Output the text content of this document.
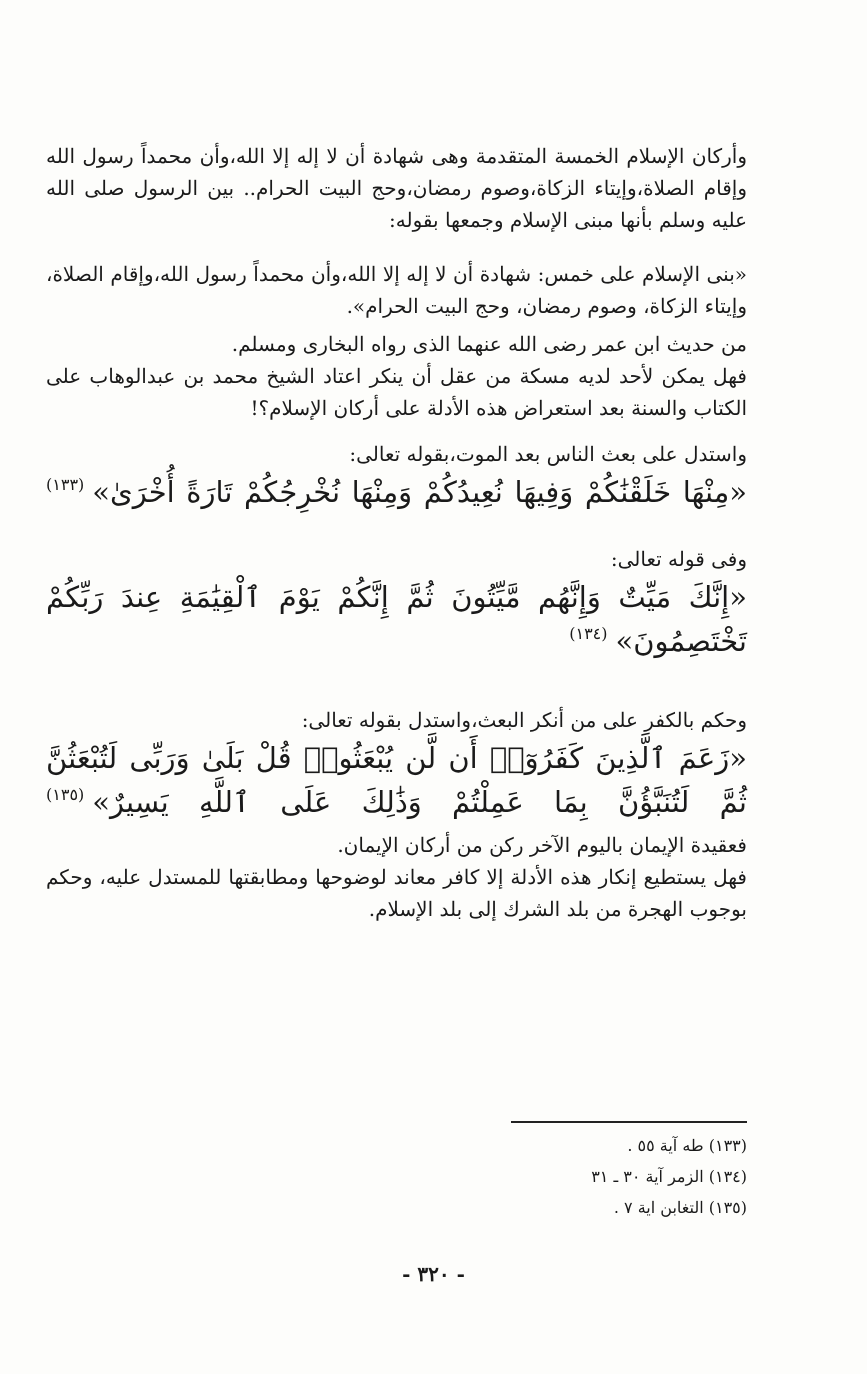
وأركان الإسلام الخمسة المتقدمة وهى شهادة أن لا إله إلا الله،وأن محمداً رسول الله وإقام الصلاة،وإيتاء الزكاة،وصوم رمضان،وحج البيت الحرام.. بين الرسول صلى الله عليه وسلم بأنها مبنى الإسلام وجمعها بقوله:

«بنى الإسلام على خمس: شهادة أن لا إله إلا الله،وأن محمداً رسول الله،وإقام الصلاة، وإيتاء الزكاة، وصوم رمضان، وحج البيت الحرام».

من حديث ابن عمر رضى الله عنهما الذى رواه البخارى ومسلم.

فهل يمكن لأحد لديه مسكة من عقل أن ينكر اعتاد الشيخ محمد بن عبدالوهاب على الكتاب والسنة بعد استعراض هذه الأدلة على أركان الإسلام؟!

واستدل على بعث الناس بعد الموت،بقوله تعالى:

«مِنْهَا خَلَقْنَٰكُمْ وَفِيهَا نُعِيدُكُمْ وَمِنْهَا نُخْرِجُكُمْ تَارَةً أُخْرَىٰ»$^{(١٣٣)}$

وفى قوله تعالى:

«إِنَّكَ مَيِّتٌ وَإِنَّهُم مَّيِّتُونَ ثُمَّ إِنَّكُمْ يَوْمَ ٱلْقِيَٰمَةِ عِندَ رَبِّكُمْ تَخْتَصِمُونَ»$^{(١٣٤)}$

وحكم بالكفر على من أنكر البعث،واستدل بقوله تعالى:

«زَعَمَ ٱلَّذِينَ كَفَرُوٓا۟ أَن لَّن يُبْعَثُوا۟ قُلْ بَلَىٰ وَرَبِّى لَتُبْعَثُنَّ ثُمَّ لَتُنَبَّؤُنَّ بِمَا عَمِلْتُمْ وَذَٰلِكَ عَلَى ٱللَّهِ يَسِيرٌ»$^{(١٣٥)}$

فعقيدة الإيمان باليوم الآخر ركن من أركان الإيمان.

فهل يستطيع إنكار هذه الأدلة إلا كافر معاند لوضوحها ومطابقتها للمستدل عليه، وحكم بوجوب الهجرة من بلد الشرك إلى بلد الإسلام.

(١٣٣) طه آية ٥٥ .
(١٣٤) الزمر آية ٣٠ ـ ٣١
(١٣٥) التغابن اية ٧ .
- ٣٢٠ -
